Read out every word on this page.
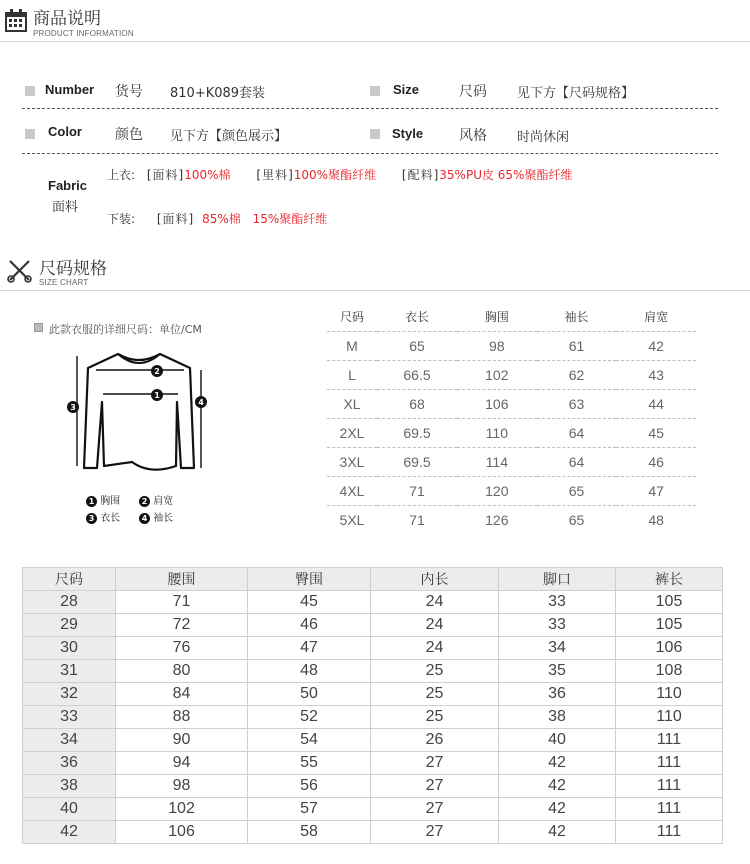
商品说明
PRODUCT INFORMATION
Number 货号 810+K089套装	Size	尺码 见下方【尺码规格】
Color 颜色 见下方【颜色展示】	Style	风格 时尚休闲
Fabric
面料
上衣: [面料]100%棉 [里料]100%聚酯纤维 [配料]35%PU皮 65%聚酯纤维
下装: [面料] 85%棉 15%聚酯纤维
尺码规格
SIZE CHART
此款衣服的详细尺码：单位/CM
2
1
3
4
1 胸围	2 肩宽
3 衣长	4 袖长
尺码	衣长	胸围	袖长	肩宽
M	65	98	61	42
L	66.5	102	62	43
XL	68	106	63	44
2XL	69.5	110	64	45
3XL	69.5	114	64	46
4XL	71	120	65	47
5XL	71	126	65	48
尺码	腰围	臀围	内长	脚口	裤长
28	71	45	24	33	105
29	72	46	24	33	105
30	76	47	24	34	106
31	80	48	25	35	108
32	84	50	25	36	110
33	88	52	25	38	110
34	90	54	26	40	111
36	94	55	27	42	111
38	98	56	27	42	111
40	102	57	27	42	111
42	106	58	27	42	111
